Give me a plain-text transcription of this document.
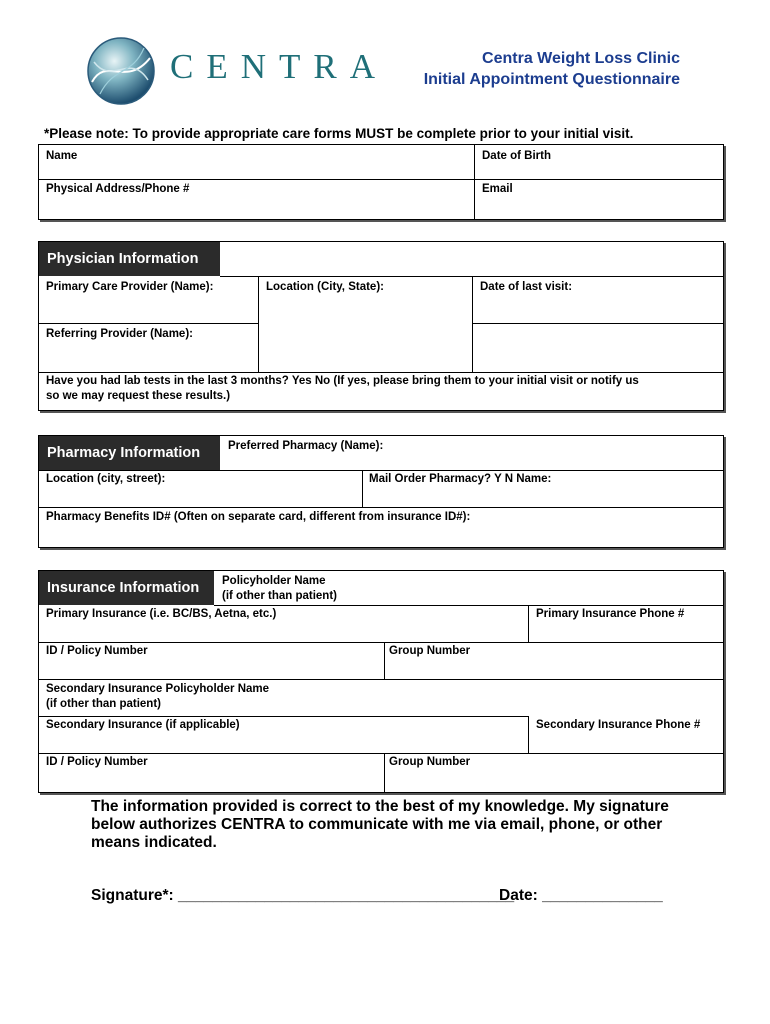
CENTRA	Centra Weight Loss Clinic
Initial Appointment Questionnaire
*Please note: To provide appropriate care forms MUST be complete prior to your initial visit.
Name	Date of Birth
Physical Address/Phone #	Email
Physician Information
Primary Care Provider (Name):	Location (City, State):	Date of last visit:
Referring Provider (Name):
Have you had lab tests in the last 3 months? Yes No (If yes, please bring them to your initial visit or notify us
so we may request these results.)
Pharmacy Information	Preferred Pharmacy (Name):
Location (city, street):	Mail Order Pharmacy? Y N Name:
Pharmacy Benefits ID# (Often on separate card, different from insurance ID#):
Insurance Information	Policyholder Name
(if other than patient)
Primary Insurance (i.e. BC/BS, Aetna, etc.)	Primary Insurance Phone #
ID / Policy Number	Group Number
Secondary Insurance Policyholder Name
(if other than patient)
Secondary Insurance (if applicable)	Secondary Insurance Phone #
ID / Policy Number	Group Number
The information provided is correct to the best of my knowledge. My signature
below authorizes CENTRA to communicate with me via email, phone, or other
means indicated.
Signature*: _______________________________________
Date: ______________
